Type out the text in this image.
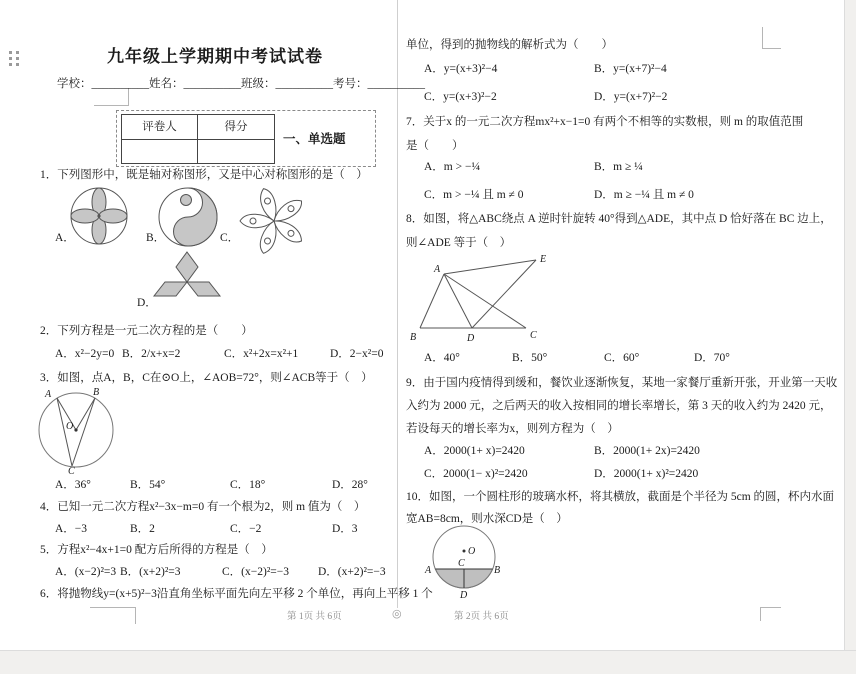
九年级上学期期中考试试卷
学校：__________姓名：__________班级：__________考号：__________
评卷人	得分
一、单选题
1．下列图形中，既是轴对称图形，又是中心对称图形的是（　）
A．	B．	C．
D．
2．下列方程是一元二次方程的是（　　）
A．x²−2y=0 B．2/x+x=2	C．x²+2x=x²+1	D．2−x²=0
3．如图，点A，B，C在⊙O上，∠AOB=72°，则∠ACB等于（　）
A	B
O
C
A．36°	B．54°	C．18°	D．28°
4．已知一元二次方程x²−3x−m=0 有一个根为2，则 m 值为（　）
A．−3	B．2	C．−2	D．3
5．方程x²−4x+1=0 配方后所得的方程是（　）
A．(x−2)²=3 B．(x+2)²=3	C．(x−2)²=−3	D．(x+2)²=−3
6．将抛物线y=(x+5)²−3沿直角坐标平面先向左平移 2 个单位，再向上平移 1 个
第 1页 共 6页	◎
单位，得到的抛物线的解析式为（　　）
A．y=(x+3)²−4	B．y=(x+7)²−4
C．y=(x+3)²−2	D．y=(x+7)²−2
7．关于x 的一元二次方程mx²+x−1=0 有两个不相等的实数根，则 m 的取值范围
是（　　）
A．m > −¼	B．m ≥ ¼
C．m > −¼ 且 m ≠ 0	D．m ≥ −¼ 且 m ≠ 0
8．如图，将△ABC绕点 A 逆时针旋转 40°得到△ADE，其中点 D 恰好落在 BC 边上，
则∠ADE 等于（　）
A
B	C
D
E
A．40°	B．50°	C．60°	D．70°
9．由于国内疫情得到缓和，餐饮业逐渐恢复，某地一家餐厅重新开张，开业第一天收
入约为 2000 元，之后两天的收入按相同的增长率增长，第 3 天的收入约为 2420 元，
若设每天的增长率为x，则列方程为（　）
A．2000(1+ x)=2420	B．2000(1+ 2x)=2420
C．2000(1− x)²=2420	D．2000(1+ x)²=2420
10．如图，一个圆柱形的玻璃水杯，将其横放，截面是个半径为 5cm 的圆，杯内水面
宽AB=8cm，则水深CD是（　）
O
A	B
C
D
第 2页 共 6页
